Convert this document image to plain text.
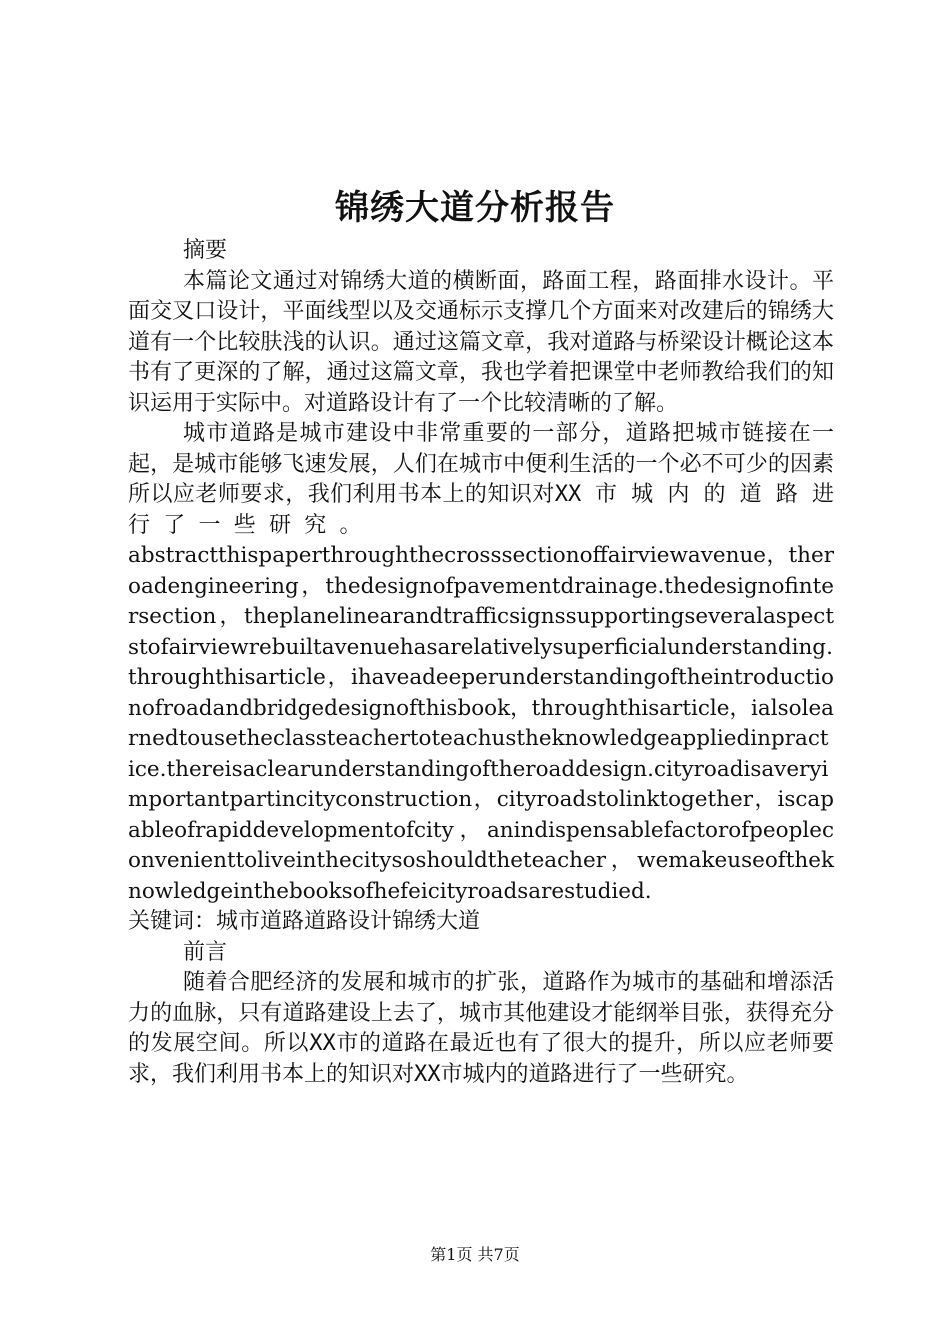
锦绣大道分析报告

摘要

本篇论文通过对锦绣大道的横断面，路面工程，路面排水设计。平面交叉口设计，平面线型以及交通标示支撑几个方面来对改建后的锦绣大道有一个比较肤浅的认识。通过这篇文章，我对道路与桥梁设计概论这本书有了更深的了解，通过这篇文章，我也学着把课堂中老师教给我们的知识运用于实际中。对道路设计有了一个比较清晰的了解。

城市道路是城市建设中非常重要的一部分，道路把城市链接在一起，是城市能够飞速发展，人们在城市中便利生活的一个必不可少的因素所以应老师要求，我们利用书本上的知识对XX 市 城 内 的 道 路 进 行 了 一 些 研 究 。

abstractthispaperthroughthecrosssectionoffairviewavenue，theroadengineering，thedesignofpavementdrainage.thedesignofintersection，theplanelinearandtrafficsignssupportingseveralaspectstofairviewrebuiltavenuehasarelativelysuperficialunderstanding.throughthisarticle，ihaveadeeperunderstandingoftheintroductionofroadandbridgedesignofthisbook，throughthisarticle，ialsolearnedtousetheclassteachertoteachustheknowledgeappliedinpractice.thereisaclearunderstandingoftheroaddesign.cityroadisaveryimportantpartincityconstruction，cityroadstolinktogether，iscapableofrapiddevelopmentofcity，anindispensablefactorofpeopleconvenienttoliveinthecitysoshouldtheteacher，wemakeuseoftheknowledgeinthebooksofhefeicityroadsarestudied.

关键词：城市道路道路设计锦绣大道

前言

随着合肥经济的发展和城市的扩张，道路作为城市的基础和增添活力的血脉，只有道路建设上去了，城市其他建设才能纲举目张，获得充分的发展空间。所以XX市的道路在最近也有了很大的提升，所以应老师要求，我们利用书本上的知识对XX市城内的道路进行了一些研究。

第1页 共7页
